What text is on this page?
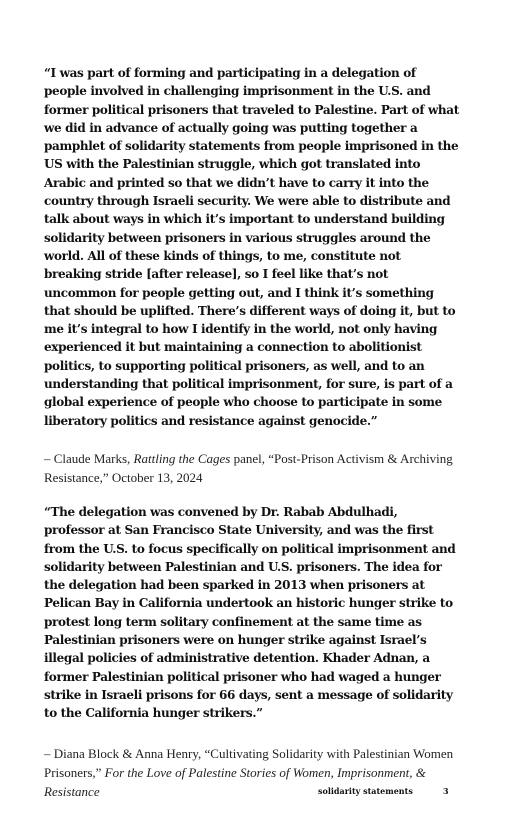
“I was part of forming and participating in a delegation of people involved in challenging imprisonment in the U.S. and former political prisoners that traveled to Palestine. Part of what we did in advance of actually going was putting together a pamphlet of solidarity statements from people imprisoned in the US with the Palestinian struggle, which got translated into Arabic and printed so that we didn’t have to carry it into the country through Israeli security. We were able to distribute and talk about ways in which it’s important to understand building solidarity between prisoners in various struggles around the world. All of these kinds of things, to me, constitute not breaking stride [after release], so I feel like that’s not uncommon for people getting out, and I think it’s something that should be uplifted. There’s different ways of doing it, but to me it’s integral to how I identify in the world, not only having experienced it but maintaining a connection to abolitionist politics, to supporting political prisoners, as well, and to an understanding that political imprisonment, for sure, is part of a global experience of people who choose to participate in some liberatory politics and resistance against genocide.”

– Claude Marks, Rattling the Cages panel, “Post-Prison Activism & Archiving Resistance,” October 13, 2024

“The delegation was convened by Dr. Rabab Abdulhadi, professor at San Francisco State University, and was the first from the U.S. to focus specifically on political imprisonment and solidarity between Palestinian and U.S. prisoners. The idea for the delegation had been sparked in 2013 when prisoners at Pelican Bay in California undertook an historic hunger strike to protest long term solitary confinement at the same time as Palestinian prisoners were on hunger strike against Israel’s illegal policies of administrative detention. Khader Adnan, a former Palestinian political prisoner who had waged a hunger strike in Israeli prisons for 66 days, sent a message of solidarity to the California hunger strikers.”

– Diana Block & Anna Henry, “Cultivating Solidarity with Palestinian Women Prisoners,” For the Love of Palestine Stories of Women, Imprisonment, & Resistance	solidarity statements	3
